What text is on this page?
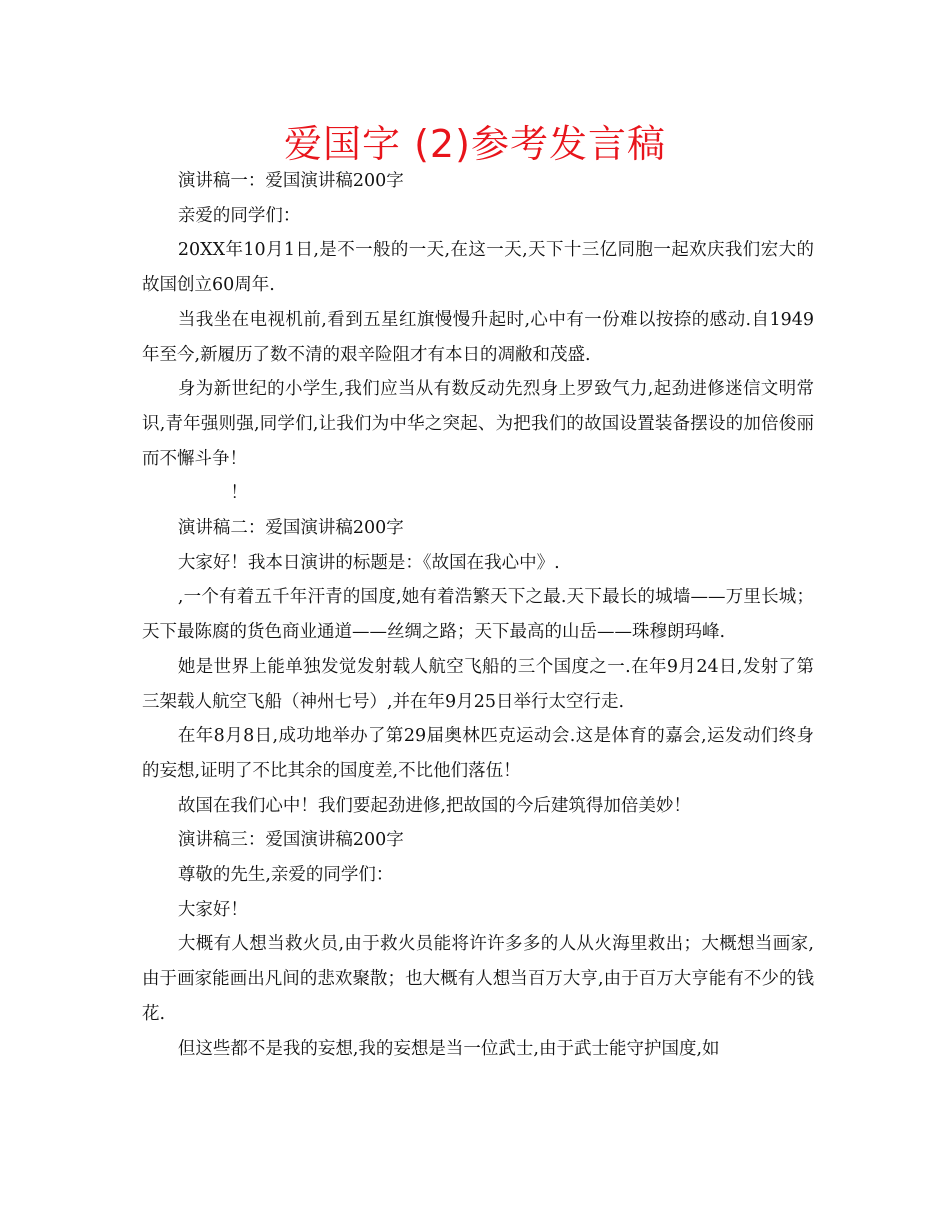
爱国字 (2)参考发言稿

演讲稿一：爱国演讲稿200字

亲爱的同学们：

20XX年10月1日,是不一般的一天,在这一天,天下十三亿同胞一起欢庆我们宏大的故国创立60周年.

当我坐在电视机前,看到五星红旗慢慢升起时,心中有一份难以按捺的感动.自1949年至今,新履历了数不清的艰辛险阻才有本日的凋敝和茂盛.

身为新世纪的小学生,我们应当从有数反动先烈身上罗致气力,起劲进修迷信文明常识,青年强则强,同学们,让我们为中华之突起、为把我们的故国设置装备摆设的加倍俊丽而不懈斗争！

！

演讲稿二：爱国演讲稿200字

大家好！我本日演讲的标题是：《故国在我心中》.

,一个有着五千年汗青的国度,她有着浩繁天下之最.天下最长的城墙——万里长城；天下最陈腐的货色商业通道——丝绸之路；天下最高的山岳——珠穆朗玛峰.

她是世界上能单独发觉发射载人航空飞船的三个国度之一.在年9月24日,发射了第三架载人航空飞船（神州七号）,并在年9月25日举行太空行走.

在年8月8日,成功地举办了第29届奥林匹克运动会.这是体育的嘉会,运发动们终身的妄想,证明了不比其余的国度差,不比他们落伍！

故国在我们心中！我们要起劲进修,把故国的今后建筑得加倍美妙！

演讲稿三：爱国演讲稿200字

尊敬的先生,亲爱的同学们：

大家好！

大概有人想当救火员,由于救火员能将许许多多的人从火海里救出；大概想当画家,由于画家能画出凡间的悲欢聚散；也大概有人想当百万大亨,由于百万大亨能有不少的钱花.

但这些都不是我的妄想,我的妄想是当一位武士,由于武士能守护国度,如
